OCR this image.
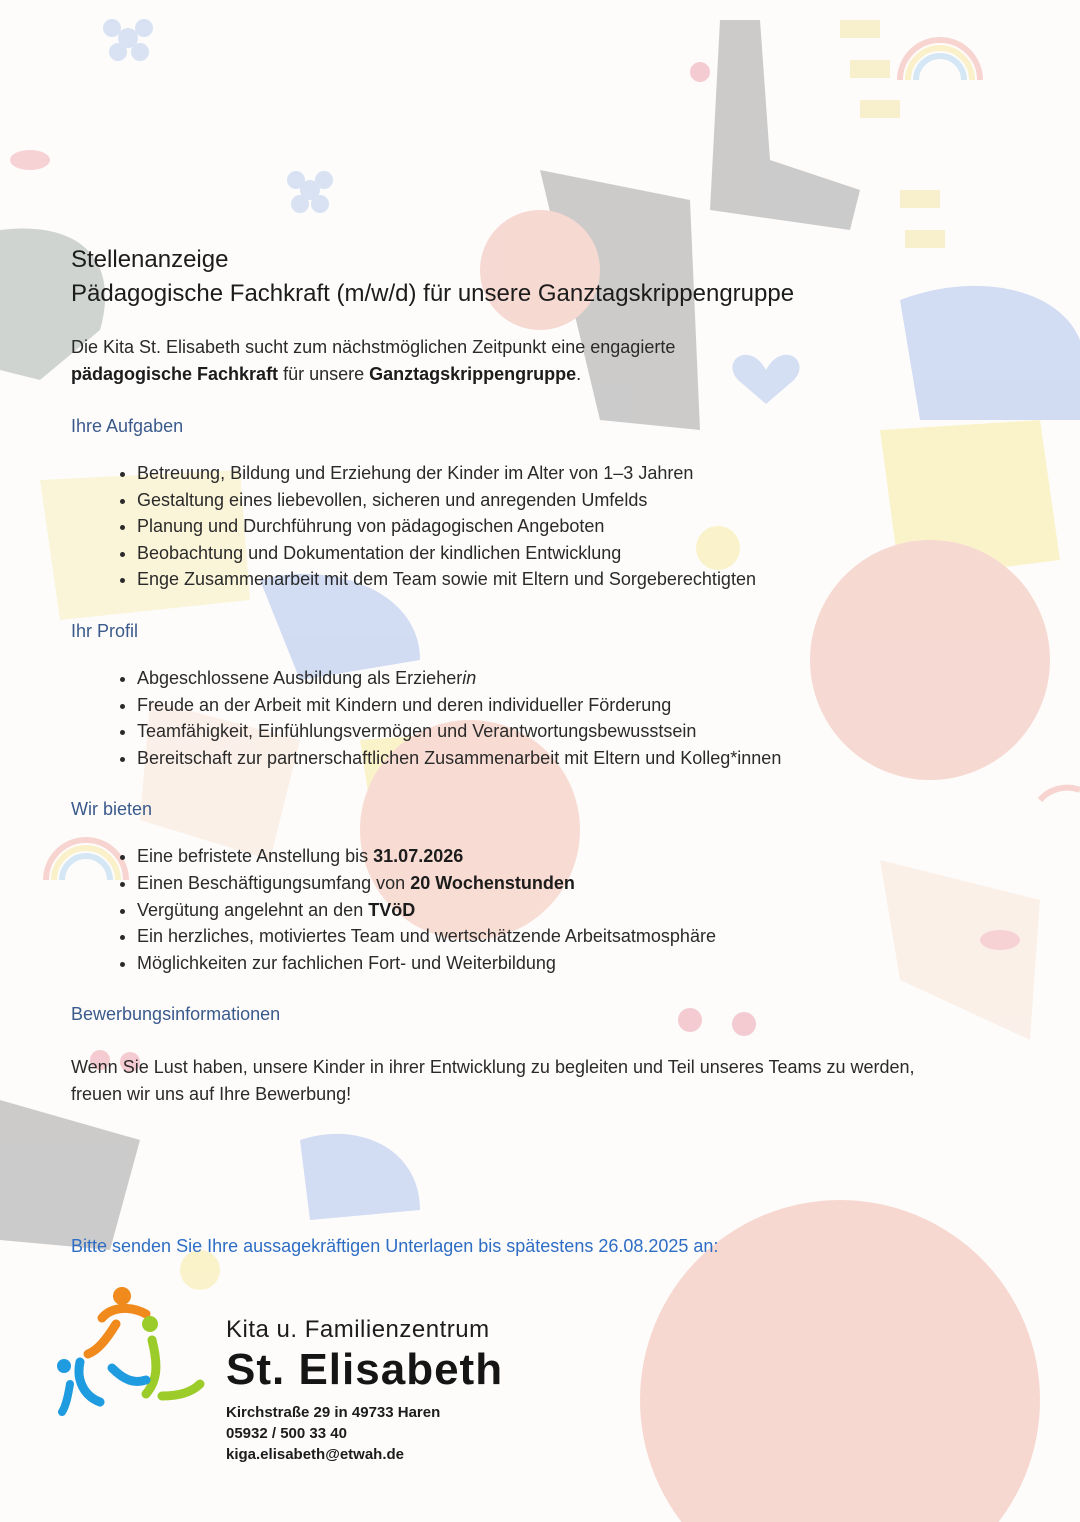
Stellenanzeige
Pädagogische Fachkraft (m/w/d) für unsere Ganztagskrippengruppe
Die Kita St. Elisabeth sucht zum nächstmöglichen Zeitpunkt eine engagierte
pädagogische Fachkraft für unsere Ganztagskrippengruppe.
Ihre Aufgaben
• Betreuung, Bildung und Erziehung der Kinder im Alter von 1–3 Jahren
• Gestaltung eines liebevollen, sicheren und anregenden Umfelds
• Planung und Durchführung von pädagogischen Angeboten
• Beobachtung und Dokumentation der kindlichen Entwicklung
• Enge Zusammenarbeit mit dem Team sowie mit Eltern und Sorgeberechtigten
Ihr Profil
• Abgeschlossene Ausbildung als Erzieherin
• Freude an der Arbeit mit Kindern und deren individueller Förderung
• Teamfähigkeit, Einfühlungsvermögen und Verantwortungsbewusstsein
• Bereitschaft zur partnerschaftlichen Zusammenarbeit mit Eltern und Kolleg*innen
Wir bieten
• Eine befristete Anstellung bis 31.07.2026
• Einen Beschäftigungsumfang von 20 Wochenstunden
• Vergütung angelehnt an den TVöD
• Ein herzliches, motiviertes Team und wertschätzende Arbeitsatmosphäre
• Möglichkeiten zur fachlichen Fort- und Weiterbildung
Bewerbungsinformationen
Wenn Sie Lust haben, unsere Kinder in ihrer Entwicklung zu begleiten und Teil unseres Teams zu werden, freuen wir uns auf Ihre Bewerbung!
Bitte senden Sie Ihre aussagekräftigen Unterlagen bis spätestens 26.08.2025 an:
Kita u. Familienzentrum
St. Elisabeth
Kirchstraße 29 in 49733 Haren
05932 / 500 33 40
kiga.elisabeth@etwah.de
